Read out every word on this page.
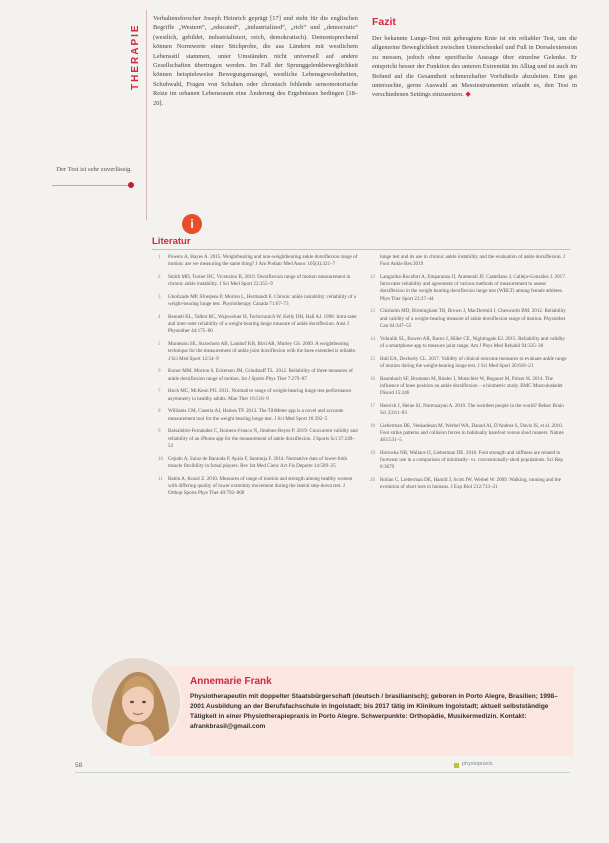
THERAPIE
Der Test ist sehr zuverlässig.
Verhaltensforscher Joseph Heinrich geprägt [17] und steht für die englischen Begriffe „Western“, „educated“, „industrialized“, „rich“ und „democratic“ (westlich, gebildet, industrialisiert, reich, demokratisch). Dementsprechend können Normwerte einer Stichprobe, die aus Ländern mit westlichem Lebensstil stammen, unter Umständen nicht universell auf andere Gesellschaften übertragen werden. Im Fall der Sprunggelenkbeweglichkeit können beispielsweise Bewegungsmangel, westliche Lebensgewohnheiten, Schuhwahl, Fragen von Schuhen oder chronisch fehlende sensomotorische Reize im urbanen Lebensraum eine Änderung des Ergebnisses bedingen [18–20].
Fazit
Der bekannte Lunge-Test mit gebeugtem Knie ist ein reliabler Test, um die allgemeine Beweglichkeit zwischen Unterschenkel und Fuß in Dorsalextension zu messen, jedoch ohne spezifische Aussage über einzelne Gelenke. Er entspricht besser der Funktion des unteren Extremität im Alltag und ist auch im Befund auf die Gesamtheit schmerzhafter Vorfußteile abzuleiten. Eine gut untersuchte, gerne Auswahl an Messinstrumenten erlaubt es, den Test in verschiedenen Settings einzusetzen. ◆
i
Literatur
1	Powers A, Hayes A. 2015. Weightbearing and non-weightbearing ankle dorsiflexion range of motion: are we measuring the same thing? J Am Podiatr Med Assoc 105(4):321–7
2	Smith MD, Turner HC, Vicenzino B, 2019. Dorsiflexion range of motion measurement in chronic ankle instability. J Sci Med Sport 22:355–9
3	Gholizade MP, Sfoetjens P, Morren L, Hermandt E. Chronic ankle instability: reliability of a weight-bearing lunge test. Physiotherapy Canada 71:67–73
4	Bennell KL, Talbot RC, Wajswelner H, Techovanich W, Kelly DH, Hall AJ. 1998. Intra-rater and inter-rater reliability of a weight-bearing lunge measure of ankle dorsiflexion. Aust J Physiother 44:175–80
5	Munteanu SE, Strawhorn AB, Landorf KB, Bird AR, Murley GS. 2009. A weightbearing technique for the measurement of ankle joint dorsiflexion with the knee extended is reliable. J Sci Med Sport 12:54–9
6	Konor MM, Morton S, Eckerson JM, Grindstaff TL. 2012. Reliability of three measures of ankle dorsiflexion range of motion. Int J Sports Phys Ther 7:279–87
7	Hoch MC, McKeon PO. 2011. Normative range of weight-bearing lunge test performance asymmetry in healthy adults. Man Ther 16:516–9
8	Williams CM, Caserta AJ, Haines TP. 2013. The TiltMeter app is a novel and accurate measurement tool for the weight bearing lunge test. J Sci Med Sport 16:392–5
9	Balsalobre-Fernández C, Romero-Franco N, Jiménez-Reyes P. 2019. Concurrent validity and reliability of an iPhone app for the measurement of ankle dorsiflexion. J Sports Sci 37:249–53
10 Cejudo A, Sainz de Baranda P, Ayala F, Santonja F. 2014. Normative data of lower-limb muscle flexibility in futsal players. Rev Int Med Cienc Act Fis Deporte 14:509–25
11 Rabin A, Kozol Z. 2010. Measures of range of motion and strength among healthy women with differing quality of lower extremity movement during the lateral step-down test. J Orthop Sports Phys Ther 40:792–800
lunge test and its use in chronic ankle instability and the evaluation of ankle dorsiflexion. J Foot Ankle Res 2019
12 Langarika-Rocafort A, Emparanza JI, Aramendi JF, Castellano J, Calleja-González J. 2017. Intra-rater reliability and agreement of various methods of measurement to assess dorsiflexion in the weight bearing dorsiflexion lunge test (WBLT) among female athletes. Phys Ther Sport 23:37–44
13 Chisholm MD, Birmingham TB, Brown J, MacDermid J, Chesworth BM. 2012. Reliability and validity of a weight-bearing measure of ankle dorsiflexion range of motion. Physiother Can 64:347–55
14 Vohralik SL, Bowen AR, Burns J, Hiller CE, Nightingale EJ. 2015. Reliability and validity of a smartphone app to measure joint range. Am J Phys Med Rehabil 94:325–30
15 Hall EA, Docherty CL. 2017. Validity of clinical outcome measures to evaluate ankle range of motion during the weight-bearing lunge test. J Sci Med Sport 20:618–21
16 Baumbach SF, Brumann M, Binder J, Mutschler W, Regauer M, Polzer H. 2014. The influence of knee position on ankle dorsiflexion – a biometric study. BMC Musculoskelet Disord 15:246
17 Henrich J, Heine SJ, Norenzayan A. 2010. The weirdest people in the world? Behav Brain Sci 33:61–83
18 Lieberman DE, Venkadesan M, Werbel WA, Daoud AI, D'Andrea S, Davis IS, et al. 2010. Foot strike patterns and collision forces in habitually barefoot versus shod runners. Nature 463:531–5
19 Holowka NB, Wallace IJ, Lieberman DE. 2018. Foot strength and stiffness are related to footwear use in a comparison of minimally- vs. conventionally-shod populations. Sci Rep 8:3679
20 Rolian C, Lieberman DE, Hamill J, Scott JW, Werbel W. 2009. Walking, running and the evolution of short toes in humans. J Exp Biol 212:713–21
Annemarie Frank
Physiotherapeutin mit doppelter Staatsbürgerschaft (deutsch / brasilianisch); geboren in Porto Alegre, Brasilien; 1998–2001 Ausbildung an der Berufsfachschule in Ingolstadt; bis 2017 tätig im Klinikum Ingolstadt; aktuell selbstständige Tätigkeit in einer Physiotherapiepraxis in Porto Alegre. Schwerpunkte: Orthopädie, Musikermedizin. Kontakt: afrankbrasil@gmail.com
58	physiopraxis
